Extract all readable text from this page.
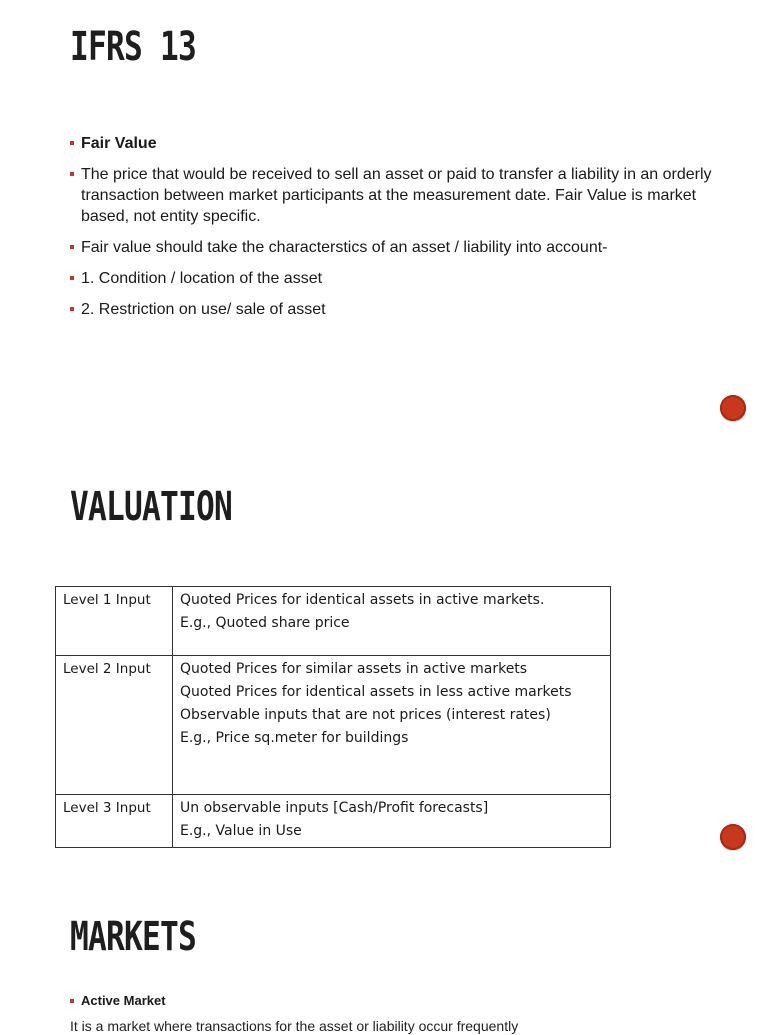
IFRS 13
Fair Value
The price that would be received to sell an asset or paid to transfer a liability in an orderly transaction between market participants at the measurement date. Fair Value is market based, not entity specific.
Fair value should take the characterstics of an asset / liability into account-
1. Condition / location of the asset
2. Restriction on use/ sale of asset
VALUATION
Level 1 Input	Quoted Prices for identical assets in active markets.
E.g., Quoted share price

Level 2 Input	Quoted Prices for similar assets in active markets
Quoted Prices for identical assets in less active markets
Observable inputs that are not prices (interest rates)
E.g., Price sq.meter for buildings

Level 3 Input	Un observable inputs [Cash/Profit forecasts]
E.g., Value in Use
MARKETS
Active Market
It is a market where transactions for the asset or liability occur frequently
